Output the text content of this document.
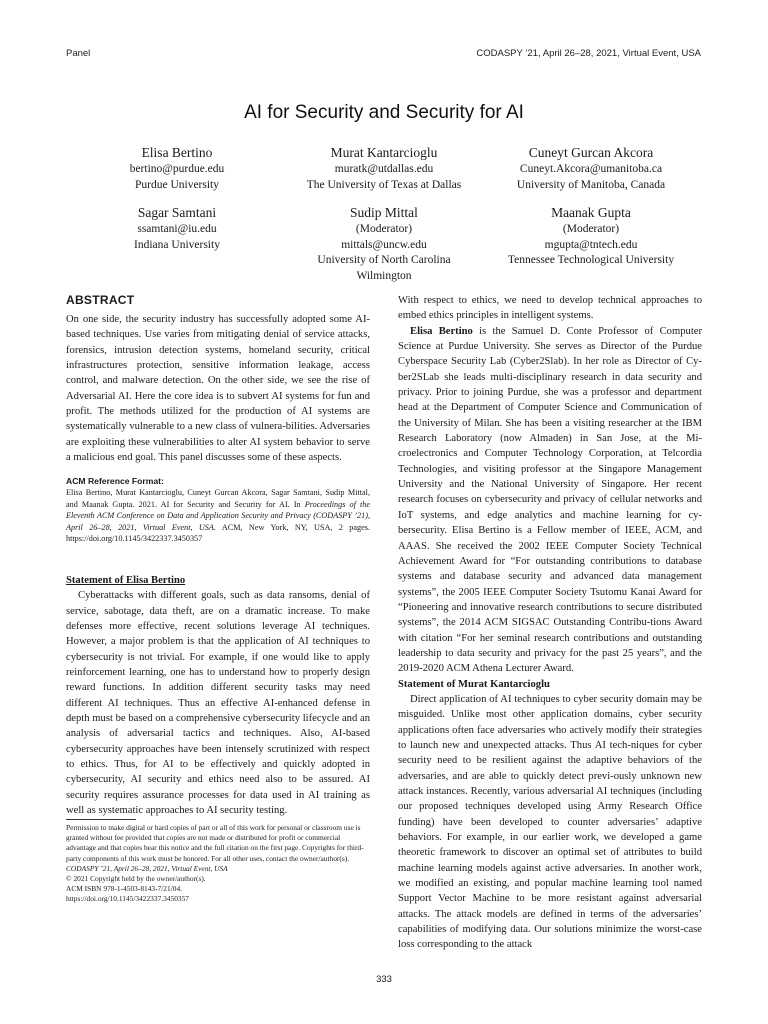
Panel	CODASPY ’21, April 26–28, 2021, Virtual Event, USA
AI for Security and Security for AI
Elisa Bertino
bertino@purdue.edu
Purdue University
Murat Kantarcioglu
muratk@utdallas.edu
The University of Texas at Dallas
Cuneyt Gurcan Akcora
Cuneyt.Akcora@umanitoba.ca
University of Manitoba, Canada
Sagar Samtani
ssamtani@iu.edu
Indiana University
Sudip Mittal
(Moderator)
mittals@uncw.edu
University of North Carolina
Wilmington
Maanak Gupta
(Moderator)
mgupta@tntech.edu
Tennessee Technological University
ABSTRACT

On one side, the security industry has successfully adopted some AI-based techniques. Use varies from mitigating denial of service attacks, forensics, intrusion detection systems, homeland security, critical infrastructures protection, sensitive information leakage, access control, and malware detection. On the other side, we see the rise of Adversarial AI. Here the core idea is to subvert AI systems for fun and profit. The methods utilized for the production of AI systems are systematically vulnerable to a new class of vulnera-bilities. Adversaries are exploiting these vulnerabilities to alter AI system behavior to serve a malicious end goal. This panel discusses some of these aspects.

ACM Reference Format:
Elisa Bertino, Murat Kantarcioglu, Cuneyt Gurcan Akcora, Sagar Samtani, Sudip Mittal, and Maanak Gupta. 2021. AI for Security and Security for AI. In Proceedings of the Eleventh ACM Conference on Data and Application Security and Privacy (CODASPY ’21), April 26–28, 2021, Virtual Event, USA. ACM, New York, NY, USA, 2 pages. https://doi.org/10.1145/3422337.3450357
Statement of Elisa Bertino

Cyberattacks with different goals, such as data ransoms, denial of service, sabotage, data theft, are on a dramatic increase. To make defenses more effective, recent solutions leverage AI techniques. However, a major problem is that the application of AI techniques to cybersecurity is not trivial. For example, if one would like to apply reinforcement learning, one has to understand how to properly design reward functions. In addition different security tasks may need different AI techniques. Thus an effective AI-enhanced defense in depth must be based on a comprehensive cybersecurity lifecycle and an analysis of adversarial tactics and techniques. Also, AI-based cybersecurity approaches have been intensely scrutinized with respect to ethics. Thus, for AI to be effectively and quickly adopted in cybersecurity, AI security and ethics need also to be assured. AI security requires assurance processes for data used in AI training as well as systematic approaches to AI security testing.

Permission to make digital or hard copies of part or all of this work for personal or classroom use is granted without fee provided that copies are not made or distributed for profit or commercial advantage and that copies bear this notice and the full citation on the first page. Copyrights for third-party components of this work must be honored. For all other uses, contact the owner/author(s).
CODASPY ’21, April 26–28, 2021, Virtual Event, USA
© 2021 Copyright held by the owner/author(s).
ACM ISBN 978-1-4503-8143-7/21/04.
https://doi.org/10.1145/3422337.3450357

With respect to ethics, we need to develop technical approaches to embed ethics principles in intelligent systems.

Elisa Bertino is the Samuel D. Conte Professor of Computer Science at Purdue University. She serves as Director of the Purdue Cyberspace Security Lab (Cyber2Slab). In her role as Director of Cy-ber2SLab she leads multi-disciplinary research in data security and privacy. Prior to joining Purdue, she was a professor and department head at the Department of Computer Science and Communication of the University of Milan. She has been a visiting researcher at the IBM Research Laboratory (now Almaden) in San Jose, at the Mi-croelectronics and Computer Technology Corporation, at Telcordia Technologies, and visiting professor at the Singapore Management University and the National University of Singapore. Her recent research focuses on cybersecurity and privacy of cellular networks and IoT systems, and edge analytics and machine learning for cy-bersecurity. Elisa Bertino is a Fellow member of IEEE, ACM, and AAAS. She received the 2002 IEEE Computer Society Technical Achievement Award for “For outstanding contributions to database systems and database security and advanced data management systems”, the 2005 IEEE Computer Society Tsutomu Kanai Award for “Pioneering and innovative research contributions to secure distributed systems”, the 2014 ACM SIGSAC Outstanding Contribu-tions Award with citation “For her seminal research contributions and outstanding leadership to data security and privacy for the past 25 years”, and the 2019-2020 ACM Athena Lecturer Award.

Statement of Murat Kantarcioglu

Direct application of AI techniques to cyber security domain may be misguided. Unlike most other application domains, cyber security applications often face adversaries who actively modify their strategies to launch new and unexpected attacks. Thus AI tech-niques for cyber security need to be resilient against the adaptive behaviors of the adversaries, and are able to quickly detect previ-ously unknown new attack instances. Recently, various adversarial AI techniques (including our proposed techniques developed using Army Research Office funding) have been developed to counter adversaries’ adaptive behaviors. For example, in our earlier work, we developed a game theoretic framework to discover an optimal set of attributes to build machine learning models against active adversaries. In another work, we modified an existing, and popular machine learning tool named Support Vector Machine to be more resistant against adversarial attacks. The attack models are defined in terms of the adversaries’ capabilities of modifying data. Our solutions minimize the worst-case loss corresponding to the attack

333
